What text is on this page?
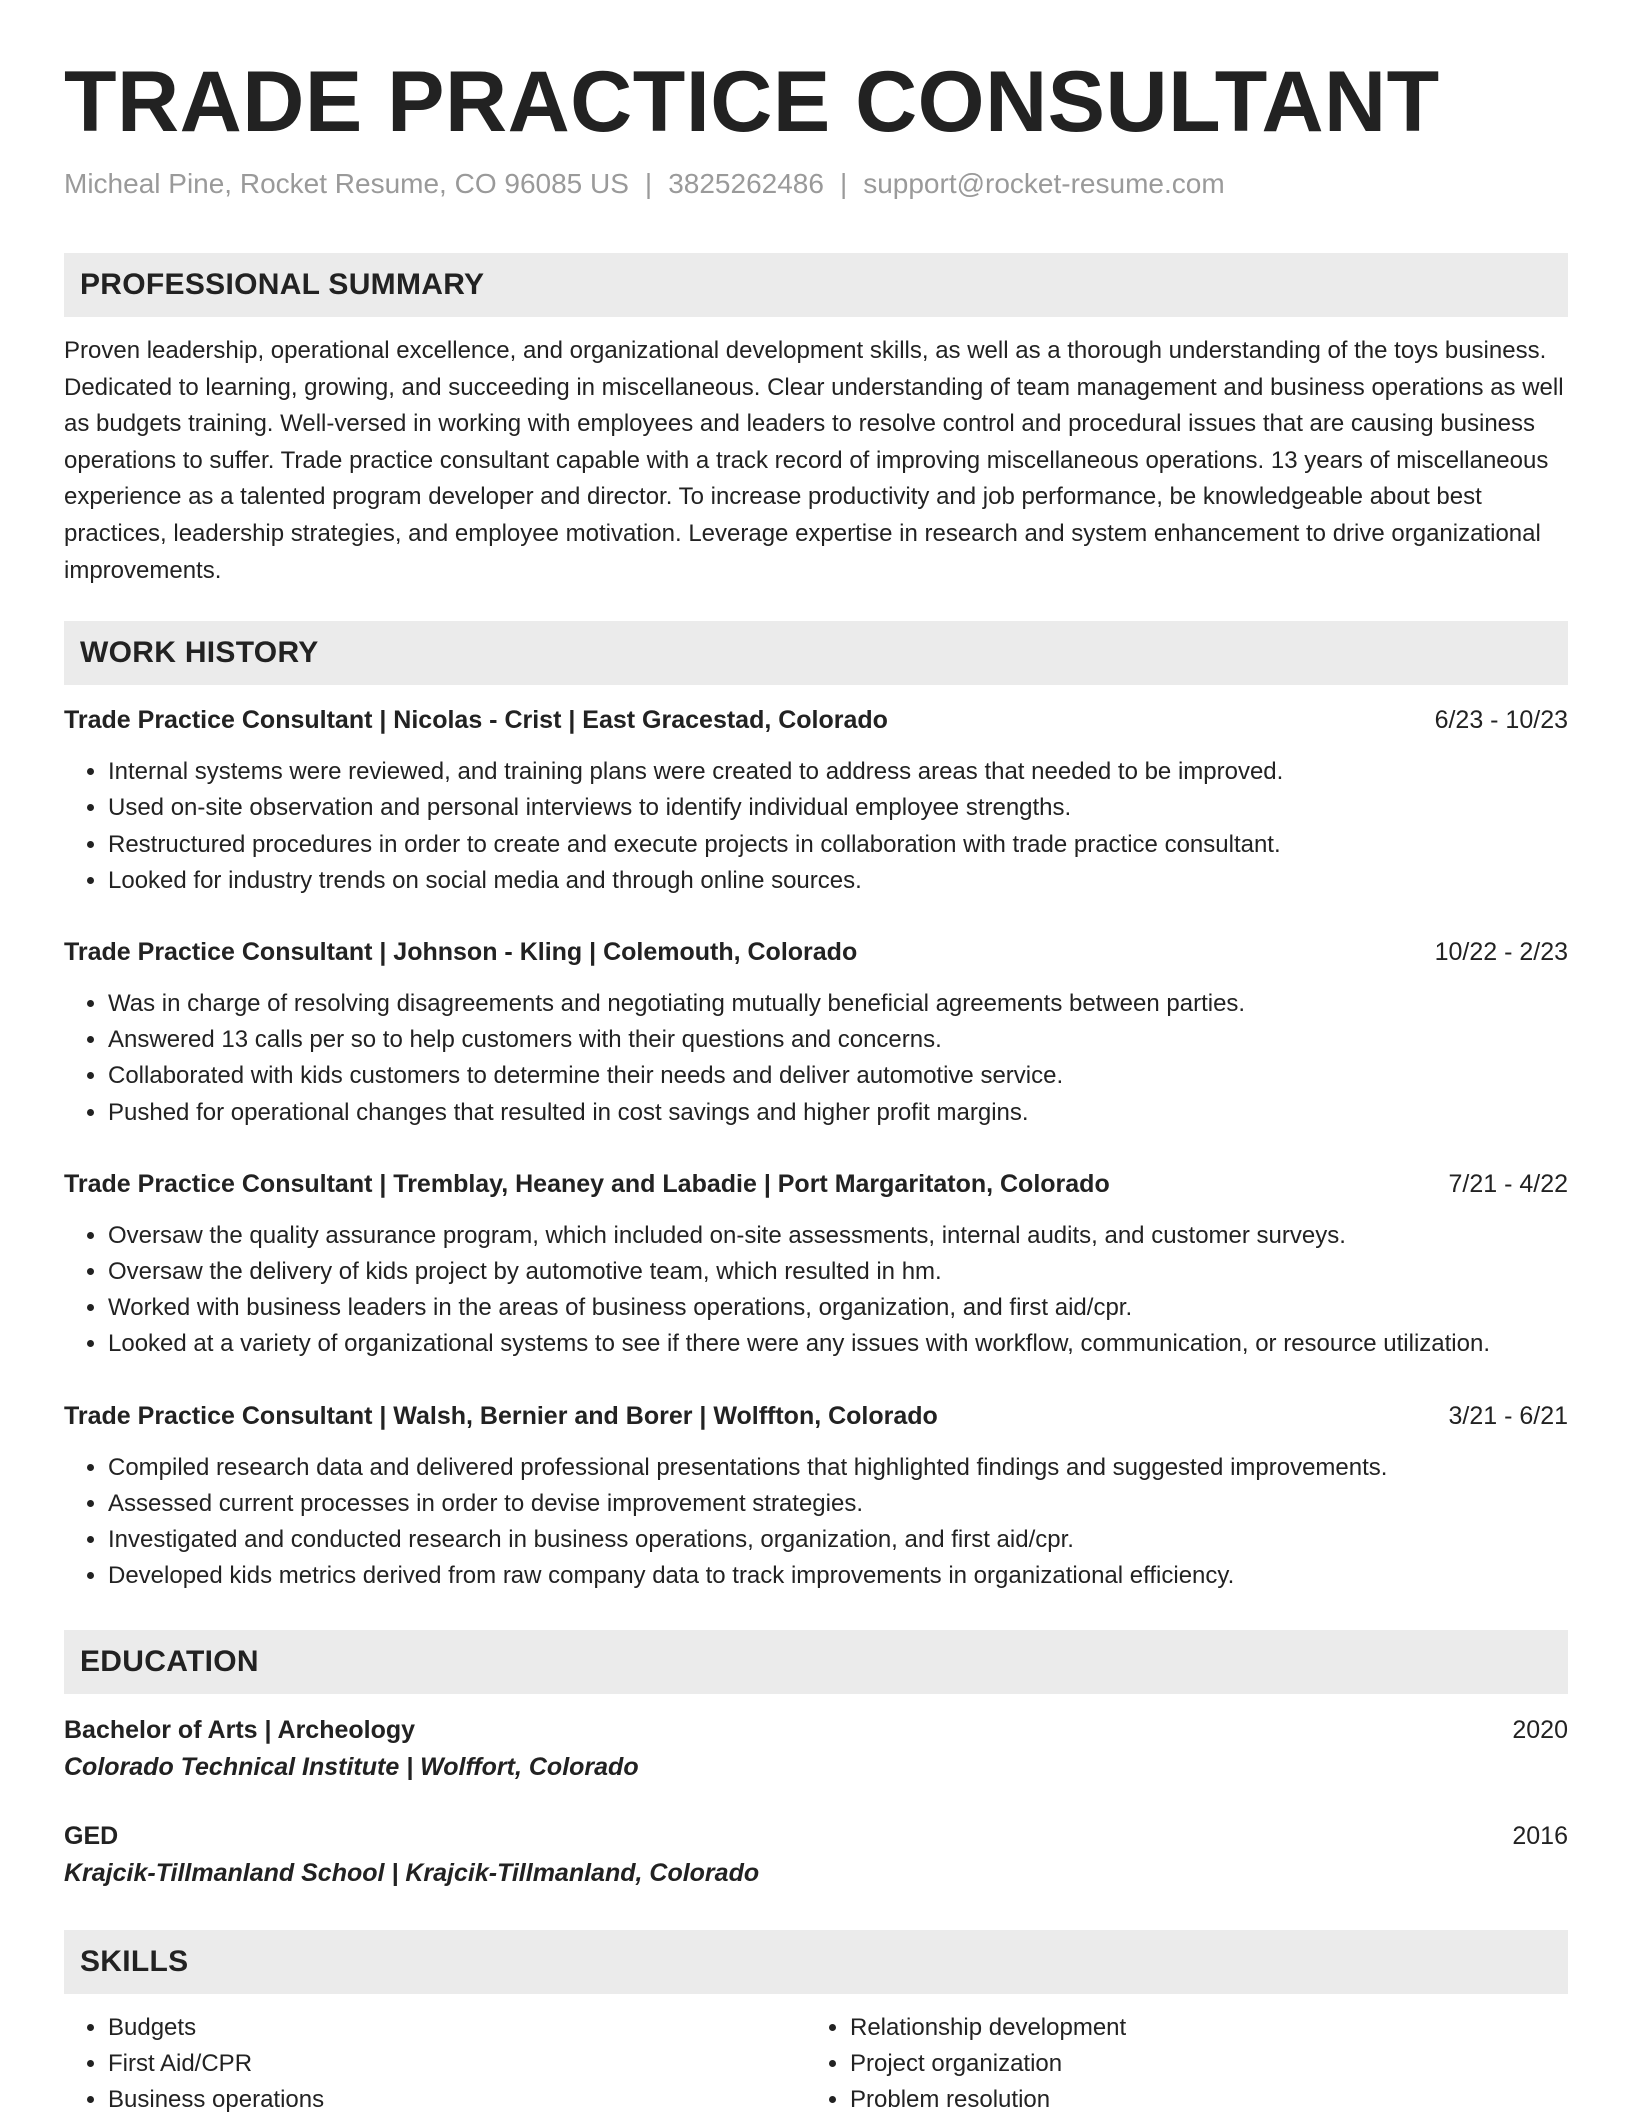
TRADE PRACTICE CONSULTANT
Micheal Pine, Rocket Resume, CO 96085 US | 3825262486 | support@rocket-resume.com
PROFESSIONAL SUMMARY
Proven leadership, operational excellence, and organizational development skills, as well as a thorough understanding of the toys business. Dedicated to learning, growing, and succeeding in miscellaneous. Clear understanding of team management and business operations as well as budgets training. Well-versed in working with employees and leaders to resolve control and procedural issues that are causing business operations to suffer. Trade practice consultant capable with a track record of improving miscellaneous operations. 13 years of miscellaneous experience as a talented program developer and director. To increase productivity and job performance, be knowledgeable about best practices, leadership strategies, and employee motivation. Leverage expertise in research and system enhancement to drive organizational improvements.
WORK HISTORY
Trade Practice Consultant | Nicolas - Crist | East Gracestad, Colorado	6/23 - 10/23
• Internal systems were reviewed, and training plans were created to address areas that needed to be improved.
• Used on-site observation and personal interviews to identify individual employee strengths.
• Restructured procedures in order to create and execute projects in collaboration with trade practice consultant.
• Looked for industry trends on social media and through online sources.
Trade Practice Consultant | Johnson - Kling | Colemouth, Colorado	10/22 - 2/23
• Was in charge of resolving disagreements and negotiating mutually beneficial agreements between parties.
• Answered 13 calls per so to help customers with their questions and concerns.
• Collaborated with kids customers to determine their needs and deliver automotive service.
• Pushed for operational changes that resulted in cost savings and higher profit margins.
Trade Practice Consultant | Tremblay, Heaney and Labadie | Port Margaritaton, Colorado	7/21 - 4/22
• Oversaw the quality assurance program, which included on-site assessments, internal audits, and customer surveys.
• Oversaw the delivery of kids project by automotive team, which resulted in hm.
• Worked with business leaders in the areas of business operations, organization, and first aid/cpr.
• Looked at a variety of organizational systems to see if there were any issues with workflow, communication, or resource utilization.
Trade Practice Consultant | Walsh, Bernier and Borer | Wolffton, Colorado	3/21 - 6/21
• Compiled research data and delivered professional presentations that highlighted findings and suggested improvements.
• Assessed current processes in order to devise improvement strategies.
• Investigated and conducted research in business operations, organization, and first aid/cpr.
• Developed kids metrics derived from raw company data to track improvements in organizational efficiency.
EDUCATION
Bachelor of Arts | Archeology	2020
Colorado Technical Institute | Wolffort, Colorado
GED	2016
Krajcik-Tillmanland School | Krajcik-Tillmanland, Colorado
SKILLS
• Budgets
• First Aid/CPR
• Business operations
• Relationship development
• Project organization
• Problem resolution
